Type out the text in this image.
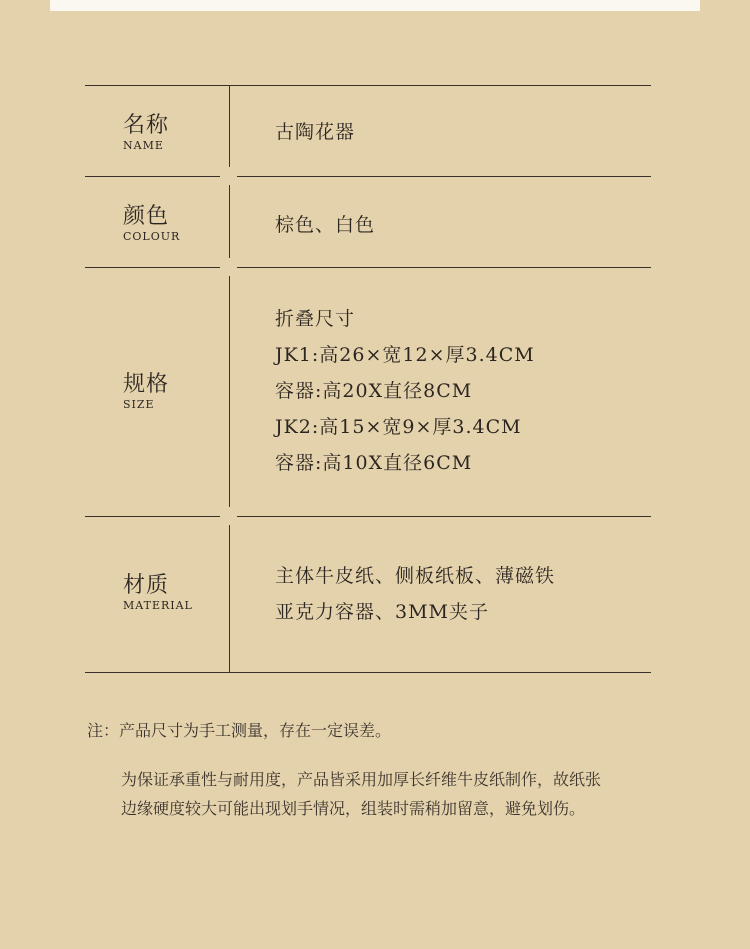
名称
NAME
古陶花器
颜色
COLOUR
棕色、白色
规格
SIZE
折叠尺寸
JK1:高26×宽12×厚3.4CM
容器:高20X直径8CM
JK2:高15×宽9×厚3.4CM
容器:高10X直径6CM
材质
MATERIAL
主体牛皮纸、侧板纸板、薄磁铁
亚克力容器、3MM夹子
注：产品尺寸为手工测量，存在一定误差。
为保证承重性与耐用度，产品皆采用加厚长纤维牛皮纸制作，故纸张
边缘硬度较大可能出现划手情况，组装时需稍加留意，避免划伤。
